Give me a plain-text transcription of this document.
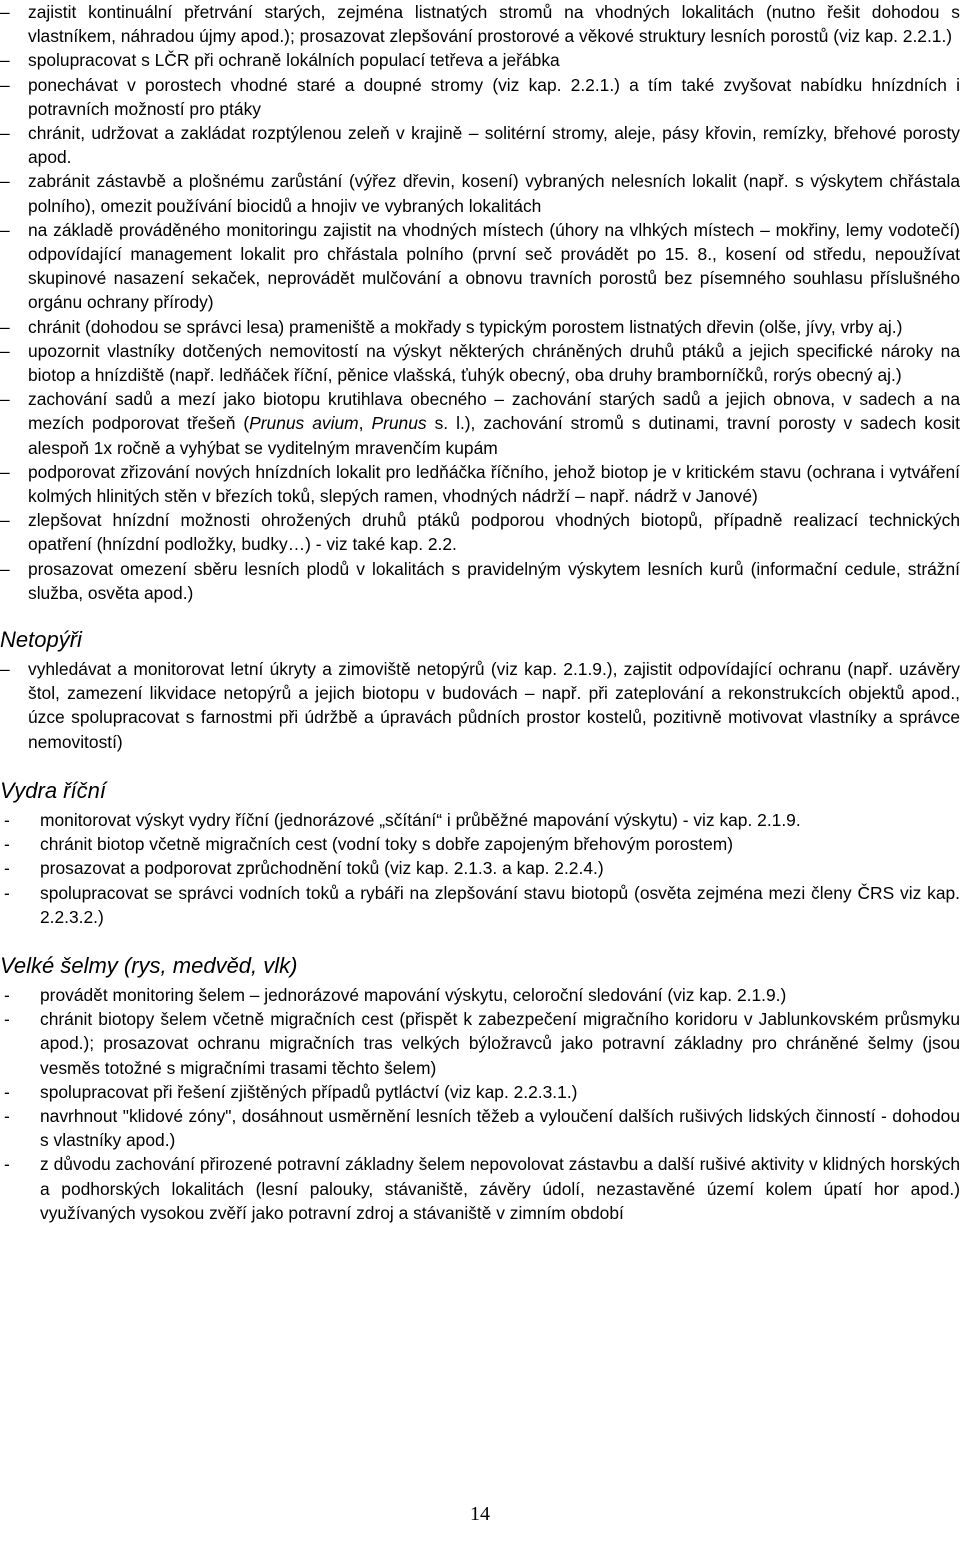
– zajistit kontinuální přetrvání starých, zejména listnatých stromů na vhodných lokalitách (nutno řešit dohodou s vlastníkem, náhradou újmy apod.); prosazovat zlepšování prostorové a věkové struktury lesních porostů (viz kap. 2.2.1.)
– spolupracovat s LČR při ochraně lokálních populací tetřeva a jeřábka
– ponechávat v porostech vhodné staré a doupné stromy (viz kap. 2.2.1.) a tím také zvyšovat nabídku hnízdních i potravních možností pro ptáky
– chránit, udržovat a zakládat rozptýlenou zeleň v krajině – solitérní stromy, aleje, pásy křovin, remízky, břehové porosty apod.
– zabránit zástavbě a plošnému zarůstání (výřez dřevin, kosení) vybraných nelesních lokalit (např. s výskytem chřástala polního), omezit používání biocidů a hnojiv ve vybraných lokalitách
– na základě prováděného monitoringu zajistit na vhodných místech (úhory na vlhkých místech – mokřiny, lemy vodotečí) odpovídající management lokalit pro chřástala polního (první seč provádět po 15. 8., kosení od středu, nepoužívat skupinové nasazení sekaček, neprovádět mulčování a obnovu travních porostů bez písemného souhlasu příslušného orgánu ochrany přírody)
– chránit (dohodou se správci lesa) prameniště a mokřady s typickým porostem listnatých dřevin (olše, jívy, vrby aj.)
– upozornit vlastníky dotčených nemovitostí na výskyt některých chráněných druhů ptáků a jejich specifické nároky na biotop a hnízdiště (např. ledňáček říční, pěnice vlašská, ťuhýk obecný, oba druhy bramborníčků, rorýs obecný aj.)
– zachování sadů a mezí jako biotopu krutihlava obecného – zachování starých sadů a jejich obnova, v sadech a na mezích podporovat třešeň (Prunus avium, Prunus s. l.), zachování stromů s dutinami, travní porosty v sadech kosit alespoň 1x ročně a vyhýbat se vyditelným mravenčím kupám
– podporovat zřizování nových hnízdních lokalit pro ledňáčka říčního, jehož biotop je v kritickém stavu (ochrana i vytváření kolmých hlinitých stěn v březích toků, slepých ramen, vhodných nádrží – např. nádrž v Janové)
– zlepšovat hnízdní možnosti ohrožených druhů ptáků podporou vhodných biotopů, případně realizací technických opatření (hnízdní podložky, budky…) - viz také kap. 2.2.
– prosazovat omezení sběru lesních plodů v lokalitách s pravidelným výskytem lesních kurů (informační cedule, strážní služba, osvěta apod.)
Netopýři
– vyhledávat a monitorovat letní úkryty a zimoviště netopýrů (viz kap. 2.1.9.), zajistit odpovídající ochranu (např. uzávěry štol, zamezení likvidace netopýrů a jejich biotopu v budovách – např. při zateplování a rekonstrukcích objektů apod., úzce spolupracovat s farnostmi při údržbě a úpravách půdních prostor kostelů, pozitivně motivovat vlastníky a správce nemovitostí)
Vydra říční
- monitorovat výskyt vydry říční (jednorázové „sčítání“ i průběžné mapování výskytu) - viz kap. 2.1.9.
- chránit biotop včetně migračních cest (vodní toky s dobře zapojeným břehovým porostem)
- prosazovat a podporovat zprůchodnění toků (viz kap. 2.1.3. a kap. 2.2.4.)
- spolupracovat se správci vodních toků a rybáři na zlepšování stavu biotopů (osvěta zejména mezi členy ČRS viz kap. 2.2.3.2.)
Velké šelmy (rys, medvěd, vlk)
- provádět monitoring šelem – jednorázové mapování výskytu, celoroční sledování (viz kap. 2.1.9.)
- chránit biotopy šelem včetně migračních cest (přispět k zabezpečení migračního koridoru v Jablunkovském průsmyku apod.); prosazovat ochranu migračních tras velkých býložravců jako potravní základny pro chráněné šelmy (jsou vesměs totožné s migračními trasami těchto šelem)
- spolupracovat při řešení zjištěných případů pytláctví (viz kap. 2.2.3.1.)
- navrhnout "klidové zóny", dosáhnout usměrnění lesních těžeb a vyloučení dalších rušivých lidských činností - dohodou s vlastníky apod.)
- z důvodu zachování přirozené potravní základny šelem nepovolovat zástavbu a další rušivé aktivity v klidných horských a podhorských lokalitách (lesní palouky, stávaniště, závěry údolí, nezastavěné území kolem úpatí hor apod.) využívaných vysokou zvěří jako potravní zdroj a stávaniště v zimním období
14
